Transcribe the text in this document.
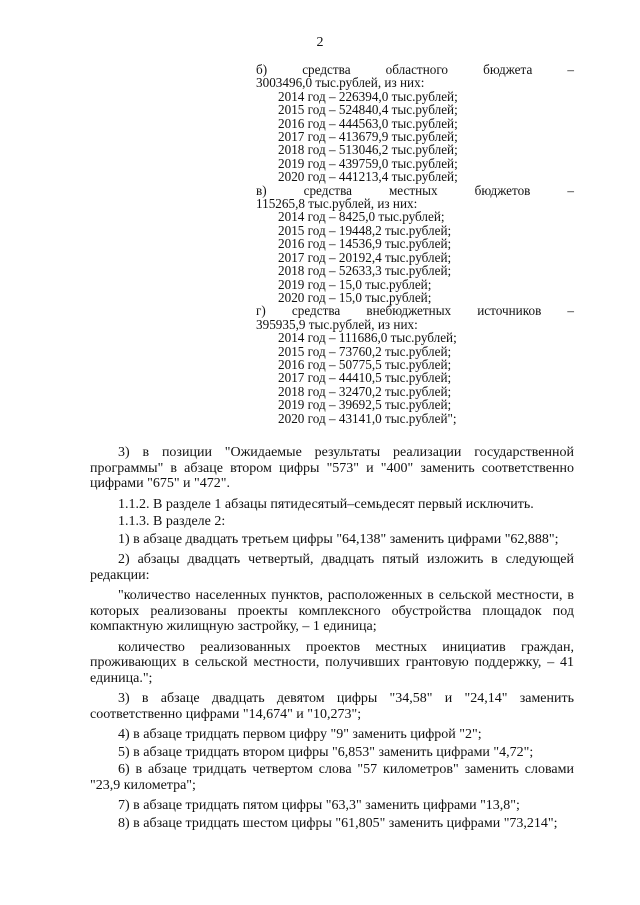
2
б) средства областного бюджета –
3003496,0 тыс.рублей, из них:
2014 год – 226394,0 тыс.рублей;
2015 год – 524840,4 тыс.рублей;
2016 год – 444563,0 тыс.рублей;
2017 год – 413679,9 тыс.рублей;
2018 год – 513046,2 тыс.рублей;
2019 год – 439759,0 тыс.рублей;
2020 год – 441213,4 тыс.рублей;
в) средства местных бюджетов –
115265,8 тыс.рублей, из них:
2014 год – 8425,0 тыс.рублей;
2015 год – 19448,2 тыс.рублей;
2016 год – 14536,9 тыс.рублей;
2017 год – 20192,4 тыс.рублей;
2018 год – 52633,3 тыс.рублей;
2019 год – 15,0 тыс.рублей;
2020 год – 15,0 тыс.рублей;
г) средства внебюджетных источников –
395935,9 тыс.рублей, из них:
2014 год – 111686,0 тыс.рублей;
2015 год – 73760,2 тыс.рублей;
2016 год – 50775,5 тыс.рублей;
2017 год – 44410,5 тыс.рублей;
2018 год – 32470,2 тыс.рублей;
2019 год – 39692,5 тыс.рублей;
2020 год – 43141,0 тыс.рублей";

3) в позиции "Ожидаемые результаты реализации государственной программы" в абзаце втором цифры "573" и "400" заменить соответственно цифрами "675" и "472".

1.1.2. В разделе 1 абзацы пятидесятый–семьдесят первый исключить.

1.1.3. В разделе 2:

1) в абзаце двадцать третьем цифры "64,138" заменить цифрами "62,888";

2) абзацы двадцать четвертый, двадцать пятый изложить в следующей редакции:

"количество населенных пунктов, расположенных в сельской местности, в которых реализованы проекты комплексного обустройства площадок под компактную жилищную застройку, – 1 единица;

количество реализованных проектов местных инициатив граждан, проживающих в сельской местности, получивших грантовую поддержку, – 41 единица.";

3) в абзаце двадцать девятом цифры "34,58" и "24,14" заменить соответственно цифрами "14,674" и "10,273";

4) в абзаце тридцать первом цифру "9" заменить цифрой "2";

5) в абзаце тридцать втором цифры "6,853" заменить цифрами "4,72";

6) в абзаце тридцать четвертом слова "57 километров" заменить словами "23,9 километра";

7) в абзаце тридцать пятом цифры "63,3" заменить цифрами "13,8";

8) в абзаце тридцать шестом цифры "61,805" заменить цифрами "73,214";
